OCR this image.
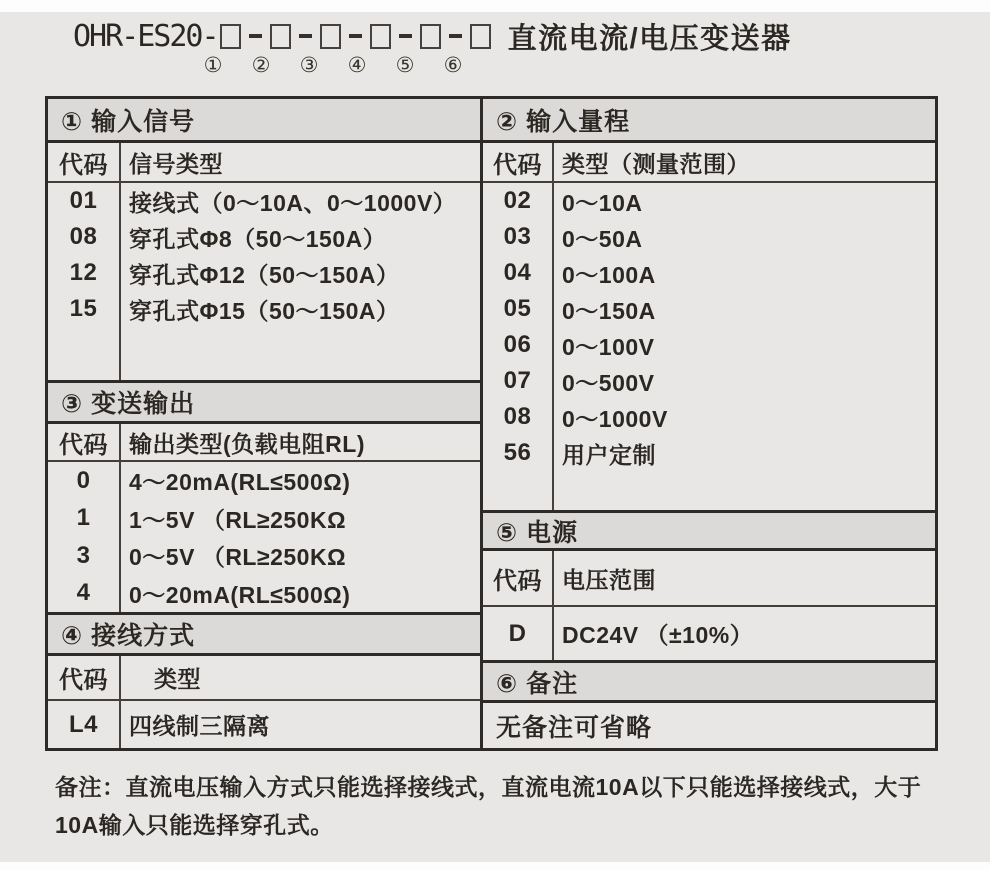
OHR-ES20-	直流电流/电压变送器
①	②	③	④	⑤	⑥
① 输入信号
代码 信号类型
01	接线式（0～10A、0～1000V）
08	穿孔式Φ8（50～150A）
12	穿孔式Φ12（50～150A）
15	穿孔式Φ15（50～150A）
③ 变送输出
代码 输出类型(负载电阻RL)
0	4～20mA(RL≤500Ω)
1	1～5V （RL≥250KΩ
3	0～5V （RL≥250KΩ
4	0～20mA(RL≤500Ω)
④ 接线方式
代码	类型
L4	四线制三隔离
② 输入量程
代码 类型（测量范围）
02	0～10A
03	0～50A
04	0～100A
05	0～150A
06	0～100V
07	0～500V
08	0～1000V
56	用户定制
⑤ 电源
代码 电压范围
D	DC24V （±10%）
⑥ 备注
无备注可省略
备注：直流电压输入方式只能选择接线式，直流电流10A以下只能选择接线式，大于
10A输入只能选择穿孔式。
